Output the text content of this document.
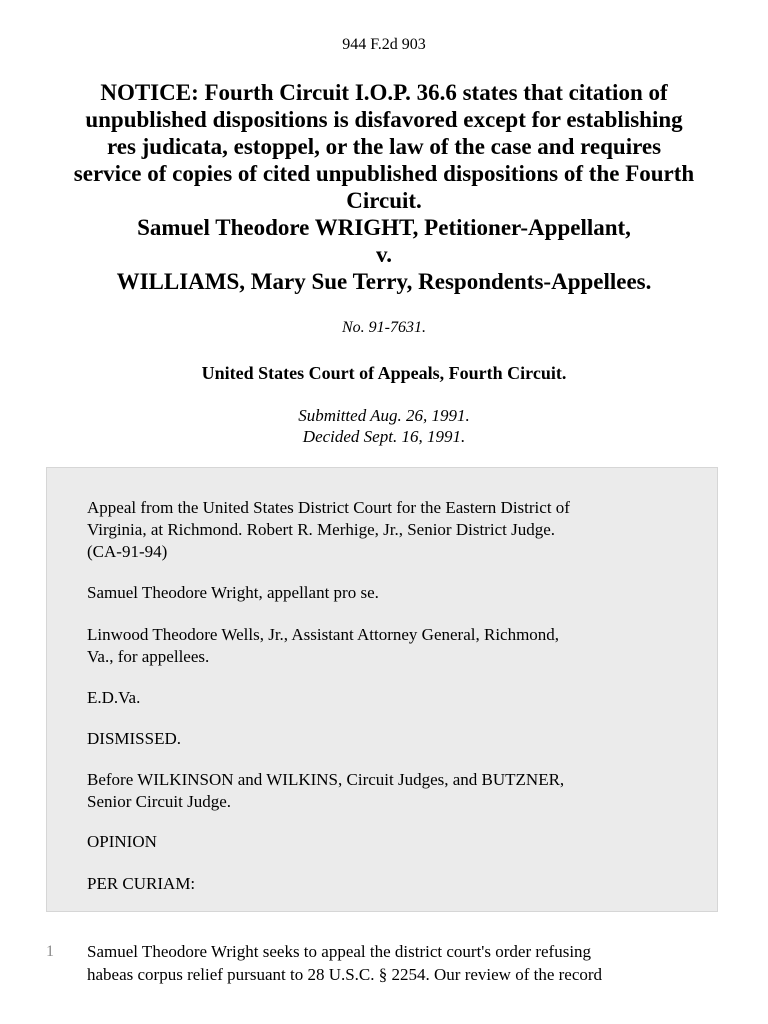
944 F.2d 903
NOTICE: Fourth Circuit I.O.P. 36.6 states that citation of
unpublished dispositions is disfavored except for establishing
res judicata, estoppel, or the law of the case and requires
service of copies of cited unpublished dispositions of the Fourth
Circuit.
Samuel Theodore WRIGHT, Petitioner-Appellant,
v.
WILLIAMS, Mary Sue Terry, Respondents-Appellees.
No. 91-7631.
United States Court of Appeals, Fourth Circuit.
Submitted Aug. 26, 1991.
Decided Sept. 16, 1991.

Appeal from the United States District Court for the Eastern District of
Virginia, at Richmond. Robert R. Merhige, Jr., Senior District Judge.
(CA-91-94)

Samuel Theodore Wright, appellant pro se.

Linwood Theodore Wells, Jr., Assistant Attorney General, Richmond,
Va., for appellees.

E.D.Va.

DISMISSED.

Before WILKINSON and WILKINS, Circuit Judges, and BUTZNER,
Senior Circuit Judge.

OPINION

PER CURIAM:

1 Samuel Theodore Wright seeks to appeal the district court's order refusing
habeas corpus relief pursuant to 28 U.S.C. § 2254. Our review of the record
